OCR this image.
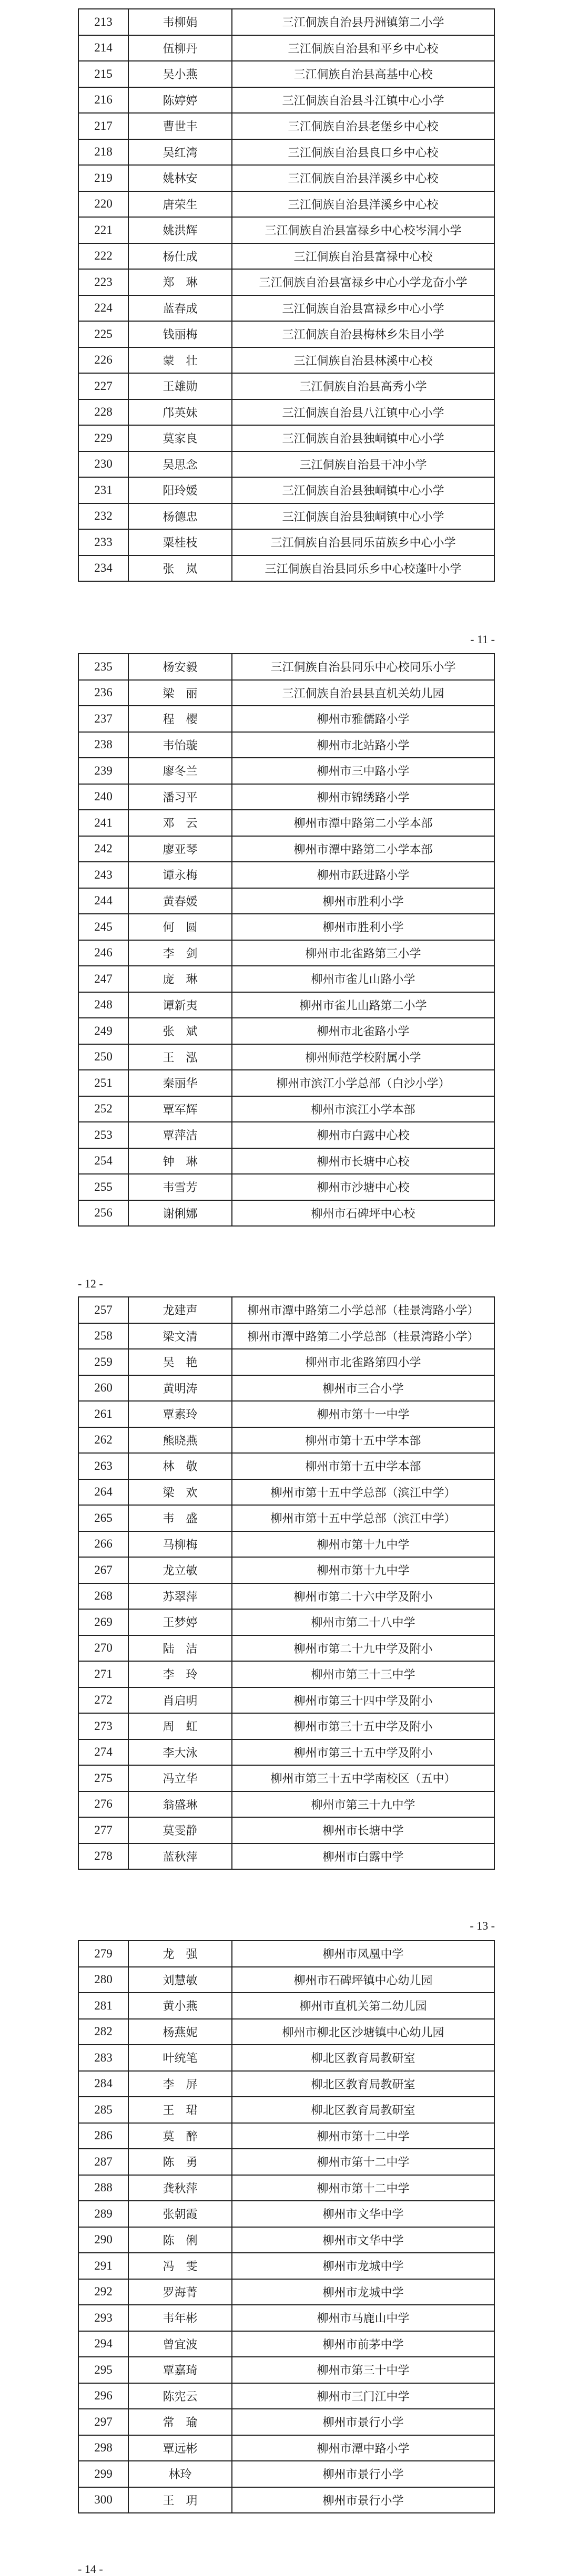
213	韦柳娟	三江侗族自治县丹洲镇第二小学
214	伍柳丹	三江侗族自治县和平乡中心校
215	吴小燕	三江侗族自治县高基中心校
216	陈婷婷	三江侗族自治县斗江镇中心小学
217	曹世丰	三江侗族自治县老堡乡中心校
218	吴红湾	三江侗族自治县良口乡中心校
219	姚林安	三江侗族自治县洋溪乡中心校
220	唐荣生	三江侗族自治县洋溪乡中心校
221	姚洪辉	三江侗族自治县富禄乡中心校岑洞小学
222	杨仕成	三江侗族自治县富禄中心校
223	郑　琳	三江侗族自治县富禄乡中心小学龙奋小学
224	蓝春成	三江侗族自治县富禄乡中心小学
225	钱丽梅	三江侗族自治县梅林乡朱目小学
226	蒙　壮	三江侗族自治县林溪中心校
227	王雄勋	三江侗族自治县高秀小学
228	邝英妹	三江侗族自治县八江镇中心小学
229	莫家良	三江侗族自治县独峒镇中心小学
230	吴思念	三江侗族自治县干冲小学
231	阳玲媛	三江侗族自治县独峒镇中心小学
232	杨德忠	三江侗族自治县独峒镇中心小学
233	粟桂枝	三江侗族自治县同乐苗族乡中心小学
234	张　岚	三江侗族自治县同乐乡中心校蓬叶小学
- 11 -
235	杨安毅	三江侗族自治县同乐中心校同乐小学
236	梁　丽	三江侗族自治县县直机关幼儿园
237	程　樱	柳州市雅儒路小学
238	韦怡璇	柳州市北站路小学
239	廖冬兰	柳州市三中路小学
240	潘习平	柳州市锦绣路小学
241	邓　云	柳州市潭中路第二小学本部
242	廖亚琴	柳州市潭中路第二小学本部
243	谭永梅	柳州市跃进路小学
244	黄春媛	柳州市胜利小学
245	何　圆	柳州市胜利小学
246	李　剑	柳州市北雀路第三小学
247	庞　琳	柳州市雀儿山路小学
248	谭新夷	柳州市雀儿山路第二小学
249	张　斌	柳州市北雀路小学
250	王　泓	柳州师范学校附属小学
251	秦丽华	柳州市滨江小学总部（白沙小学）
252	覃军辉	柳州市滨江小学本部
253	覃萍洁	柳州市白露中心校
254	钟　琳	柳州市长塘中心校
255	韦雪芳	柳州市沙塘中心校
256	谢俐娜	柳州市石碑坪中心校
- 12 -
257	龙建声	柳州市潭中路第二小学总部（桂景湾路小学）
258	梁文清	柳州市潭中路第二小学总部（桂景湾路小学）
259	吴　艳	柳州市北雀路第四小学
260	黄明涛	柳州市三合小学
261	覃素玲	柳州市第十一中学
262	熊晓燕	柳州市第十五中学本部
263	林　敬	柳州市第十五中学本部
264	梁　欢	柳州市第十五中学总部（滨江中学）
265	韦　盛	柳州市第十五中学总部（滨江中学）
266	马柳梅	柳州市第十九中学
267	龙立敏	柳州市第十九中学
268	苏翠萍	柳州市第二十六中学及附小
269	王梦婷	柳州市第二十八中学
270	陆　洁	柳州市第二十九中学及附小
271	李　玲	柳州市第三十三中学
272	肖启明	柳州市第三十四中学及附小
273	周　虹	柳州市第三十五中学及附小
274	李大泳	柳州市第三十五中学及附小
275	冯立华	柳州市第三十五中学南校区（五中）
276	翁盛琳	柳州市第三十九中学
277	莫雯静	柳州市长塘中学
278	蓝秋萍	柳州市白露中学
- 13 -
279	龙　强	柳州市凤凰中学
280	刘慧敏	柳州市石碑坪镇中心幼儿园
281	黄小燕	柳州市直机关第二幼儿园
282	杨燕妮	柳州市柳北区沙塘镇中心幼儿园
283	叶统笔	柳北区教育局教研室
284	李　屏	柳北区教育局教研室
285	王　珺	柳北区教育局教研室
286	莫　醉	柳州市第十二中学
287	陈　勇	柳州市第十二中学
288	龚秋萍	柳州市第十二中学
289	张朝霞	柳州市文华中学
290	陈　俐	柳州市文华中学
291	冯　雯	柳州市龙城中学
292	罗海菁	柳州市龙城中学
293	韦年彬	柳州市马鹿山中学
294	曾宜波	柳州市前茅中学
295	覃嘉琦	柳州市第三十中学
296	陈宪云	柳州市三门江中学
297	常　瑜	柳州市景行小学
298	覃远彬	柳州市潭中路小学
299	林玲	柳州市景行小学
300	王　玥	柳州市景行小学
- 14 -
